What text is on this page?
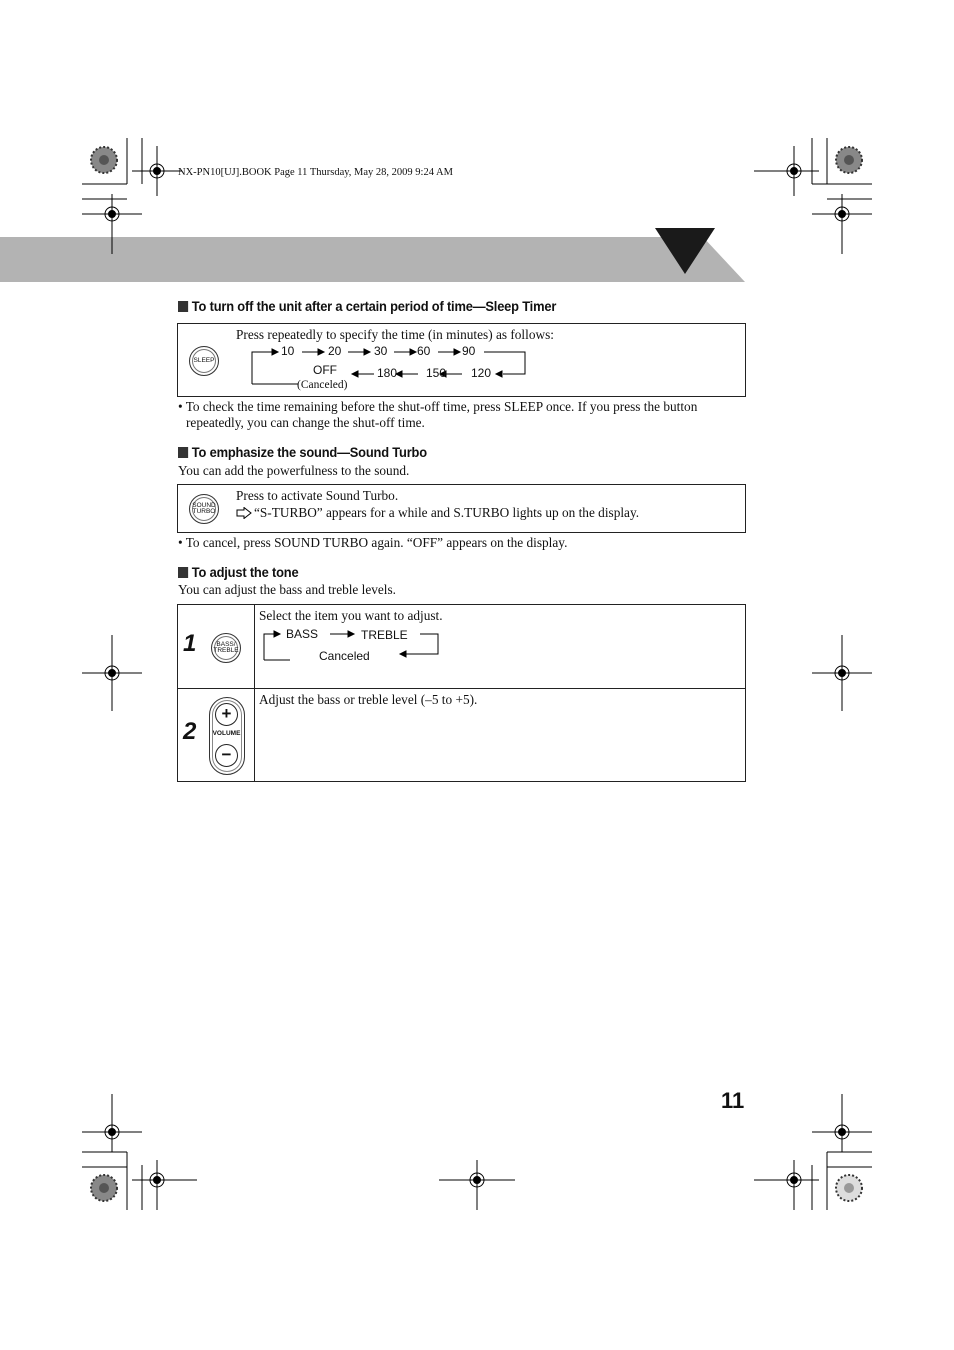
NX-PN10[UJ].BOOK Page 11 Thursday, May 28, 2009 9:24 AM
To turn off the unit after a certain period of time—Sleep Timer
SLEEP
Press repeatedly to specify the time (in minutes) as follows:
10	20	30 60	90
OFF	180 150 120
(Canceled)
• To check the time remaining before the shut-off time, press SLEEP once. If you press the button
repeatedly, you can change the shut-off time.
To emphasize the sound—Sound Turbo
You can add the powerfulness to the sound.
SOUND
TURBO
Press to activate Sound Turbo.
“S-TURBO” appears for a while and S.TURBO lights up on the display.
• To cancel, press SOUND TURBO again. “OFF” appears on the display.
To adjust the tone
You can adjust the bass and treble levels.
1	BASS/
TREBLE
Select the item you want to adjust.
BASS	TREBLE
Canceled
2
+
VOLUME
−
Adjust the bass or treble level (–5 to +5).
11
